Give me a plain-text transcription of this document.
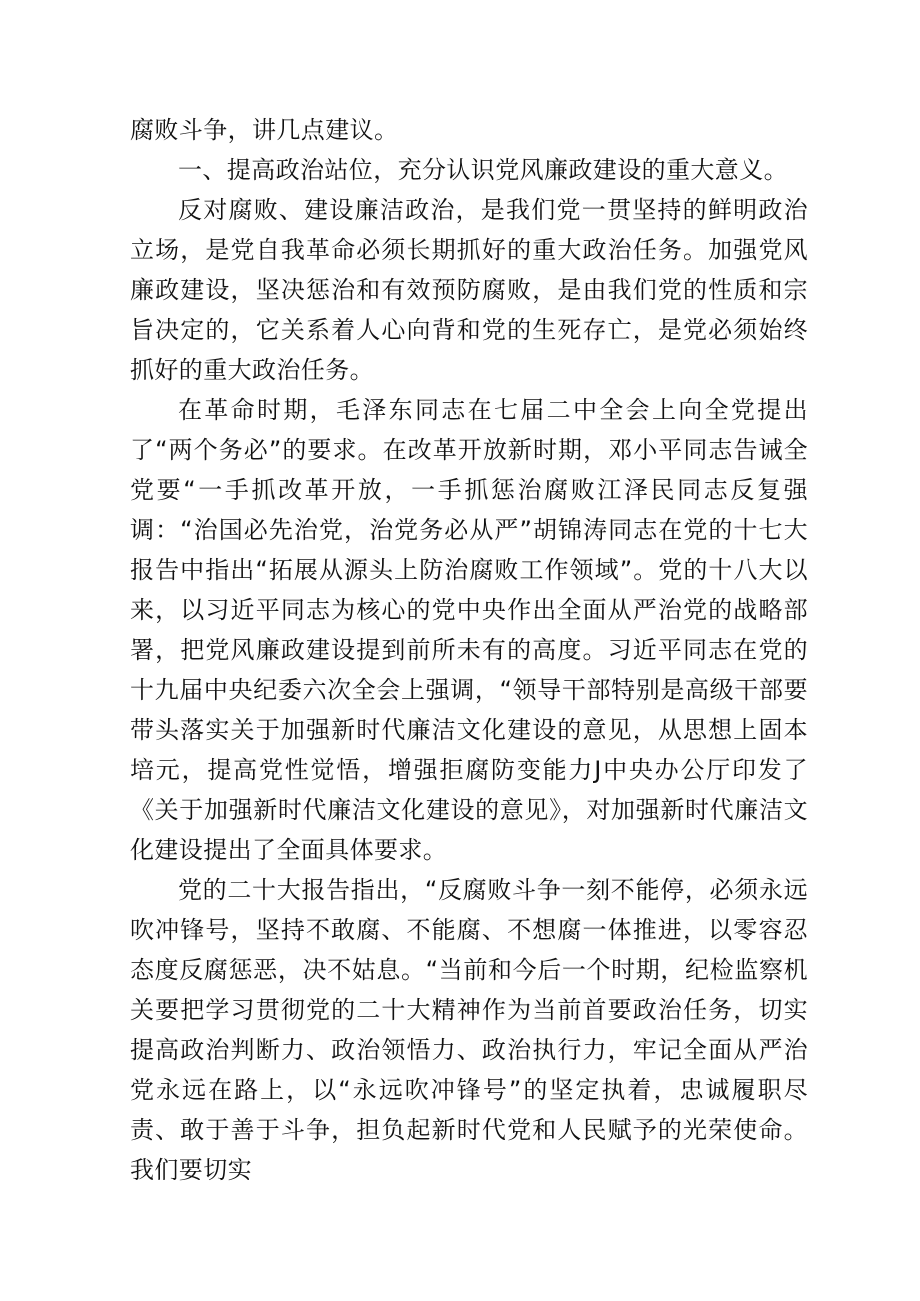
腐败斗争，讲几点建议。

一、提高政治站位，充分认识党风廉政建设的重大意义。

反对腐败、建设廉洁政治，是我们党一贯坚持的鲜明政治立场，是党自我革命必须长期抓好的重大政治任务。加强党风廉政建设，坚决惩治和有效预防腐败，是由我们党的性质和宗旨决定的，它关系着人心向背和党的生死存亡，是党必须始终抓好的重大政治任务。

在革命时期，毛泽东同志在七届二中全会上向全党提出了“两个务必”的要求。在改革开放新时期，邓小平同志告诫全党要“一手抓改革开放，一手抓惩治腐败江泽民同志反复强调：“治国必先治党，治党务必从严”胡锦涛同志在党的十七大报告中指出“拓展从源头上防治腐败工作领域”。党的十八大以来，以习近平同志为核心的党中央作出全面从严治党的战略部署，把党风廉政建设提到前所未有的高度。习近平同志在党的十九届中央纪委六次全会上强调，“领导干部特别是高级干部要带头落实关于加强新时代廉洁文化建设的意见，从思想上固本培元，提高党性觉悟，增强拒腐防变能力J中央办公厅印发了《关于加强新时代廉洁文化建设的意见》，对加强新时代廉洁文化建设提出了全面具体要求。

党的二十大报告指出，“反腐败斗争一刻不能停，必须永远吹冲锋号，坚持不敢腐、不能腐、不想腐一体推进，以零容忍态度反腐惩恶，决不姑息。“当前和今后一个时期，纪检监察机关要把学习贯彻党的二十大精神作为当前首要政治任务，切实提高政治判断力、政治领悟力、政治执行力，牢记全面从严治党永远在路上，以“永远吹冲锋号”的坚定执着，忠诚履职尽责、敢于善于斗争，担负起新时代党和人民赋予的光荣使命。我们要切实
